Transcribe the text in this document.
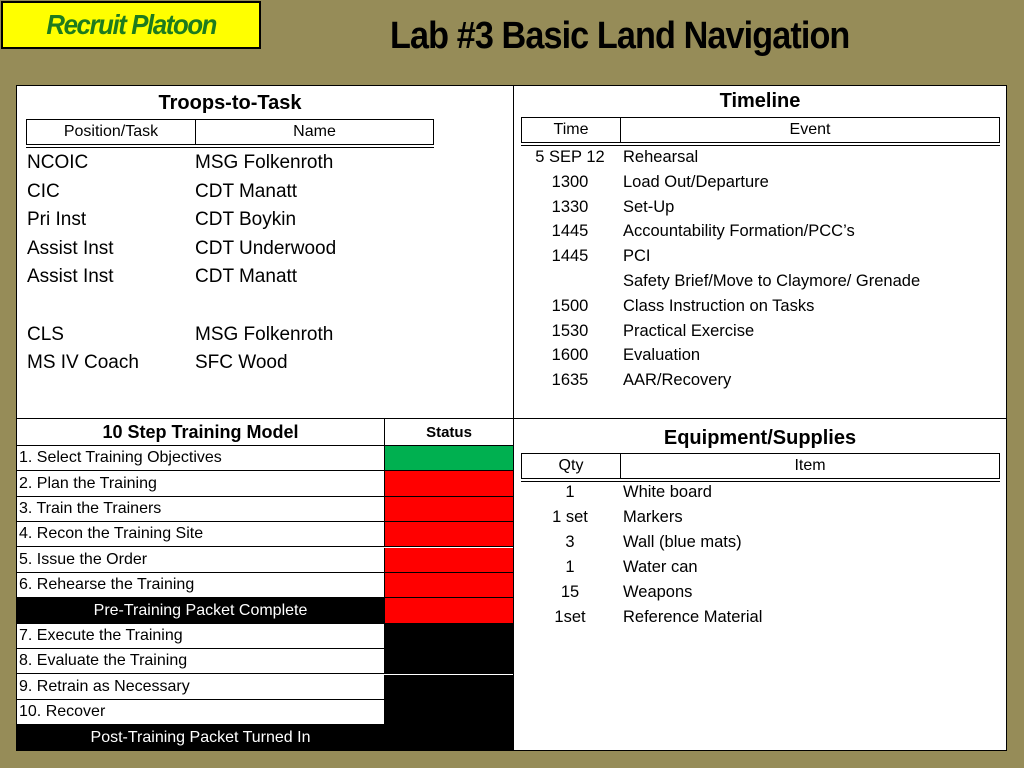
Recruit Platoon	Lab #3 Basic Land Navigation
Troops-to-Task
Position/Task	Name
NCOIC	MSG Folkenroth
CIC	CDT Manatt
Pri Inst	CDT Boykin
Assist Inst	CDT Underwood
Assist Inst	CDT Manatt
CLS	MSG Folkenroth
MS IV Coach	SFC Wood
Timeline
Time	Event
5 SEP 12	Rehearsal
1300	Load Out/Departure
1330	Set-Up
1445	Accountability Formation/PCC’s
1445	PCI
Safety Brief/Move to Claymore/ Grenade
1500	Class Instruction on Tasks
1530	Practical Exercise
1600	Evaluation
1635	AAR/Recovery
10 Step Training Model	Status
1. Select Training Objectives
2. Plan the Training
3. Train the Trainers
4. Recon the Training Site
5. Issue the Order
6. Rehearse the Training
Pre-Training Packet Complete
7. Execute the Training
8. Evaluate the Training
9. Retrain as Necessary
10. Recover
Post-Training Packet Turned In
Equipment/Supplies
Qty	Item
1	White board
1 set	Markers
3	Wall (blue mats)
1	Water can
15	Weapons
1set	Reference Material
